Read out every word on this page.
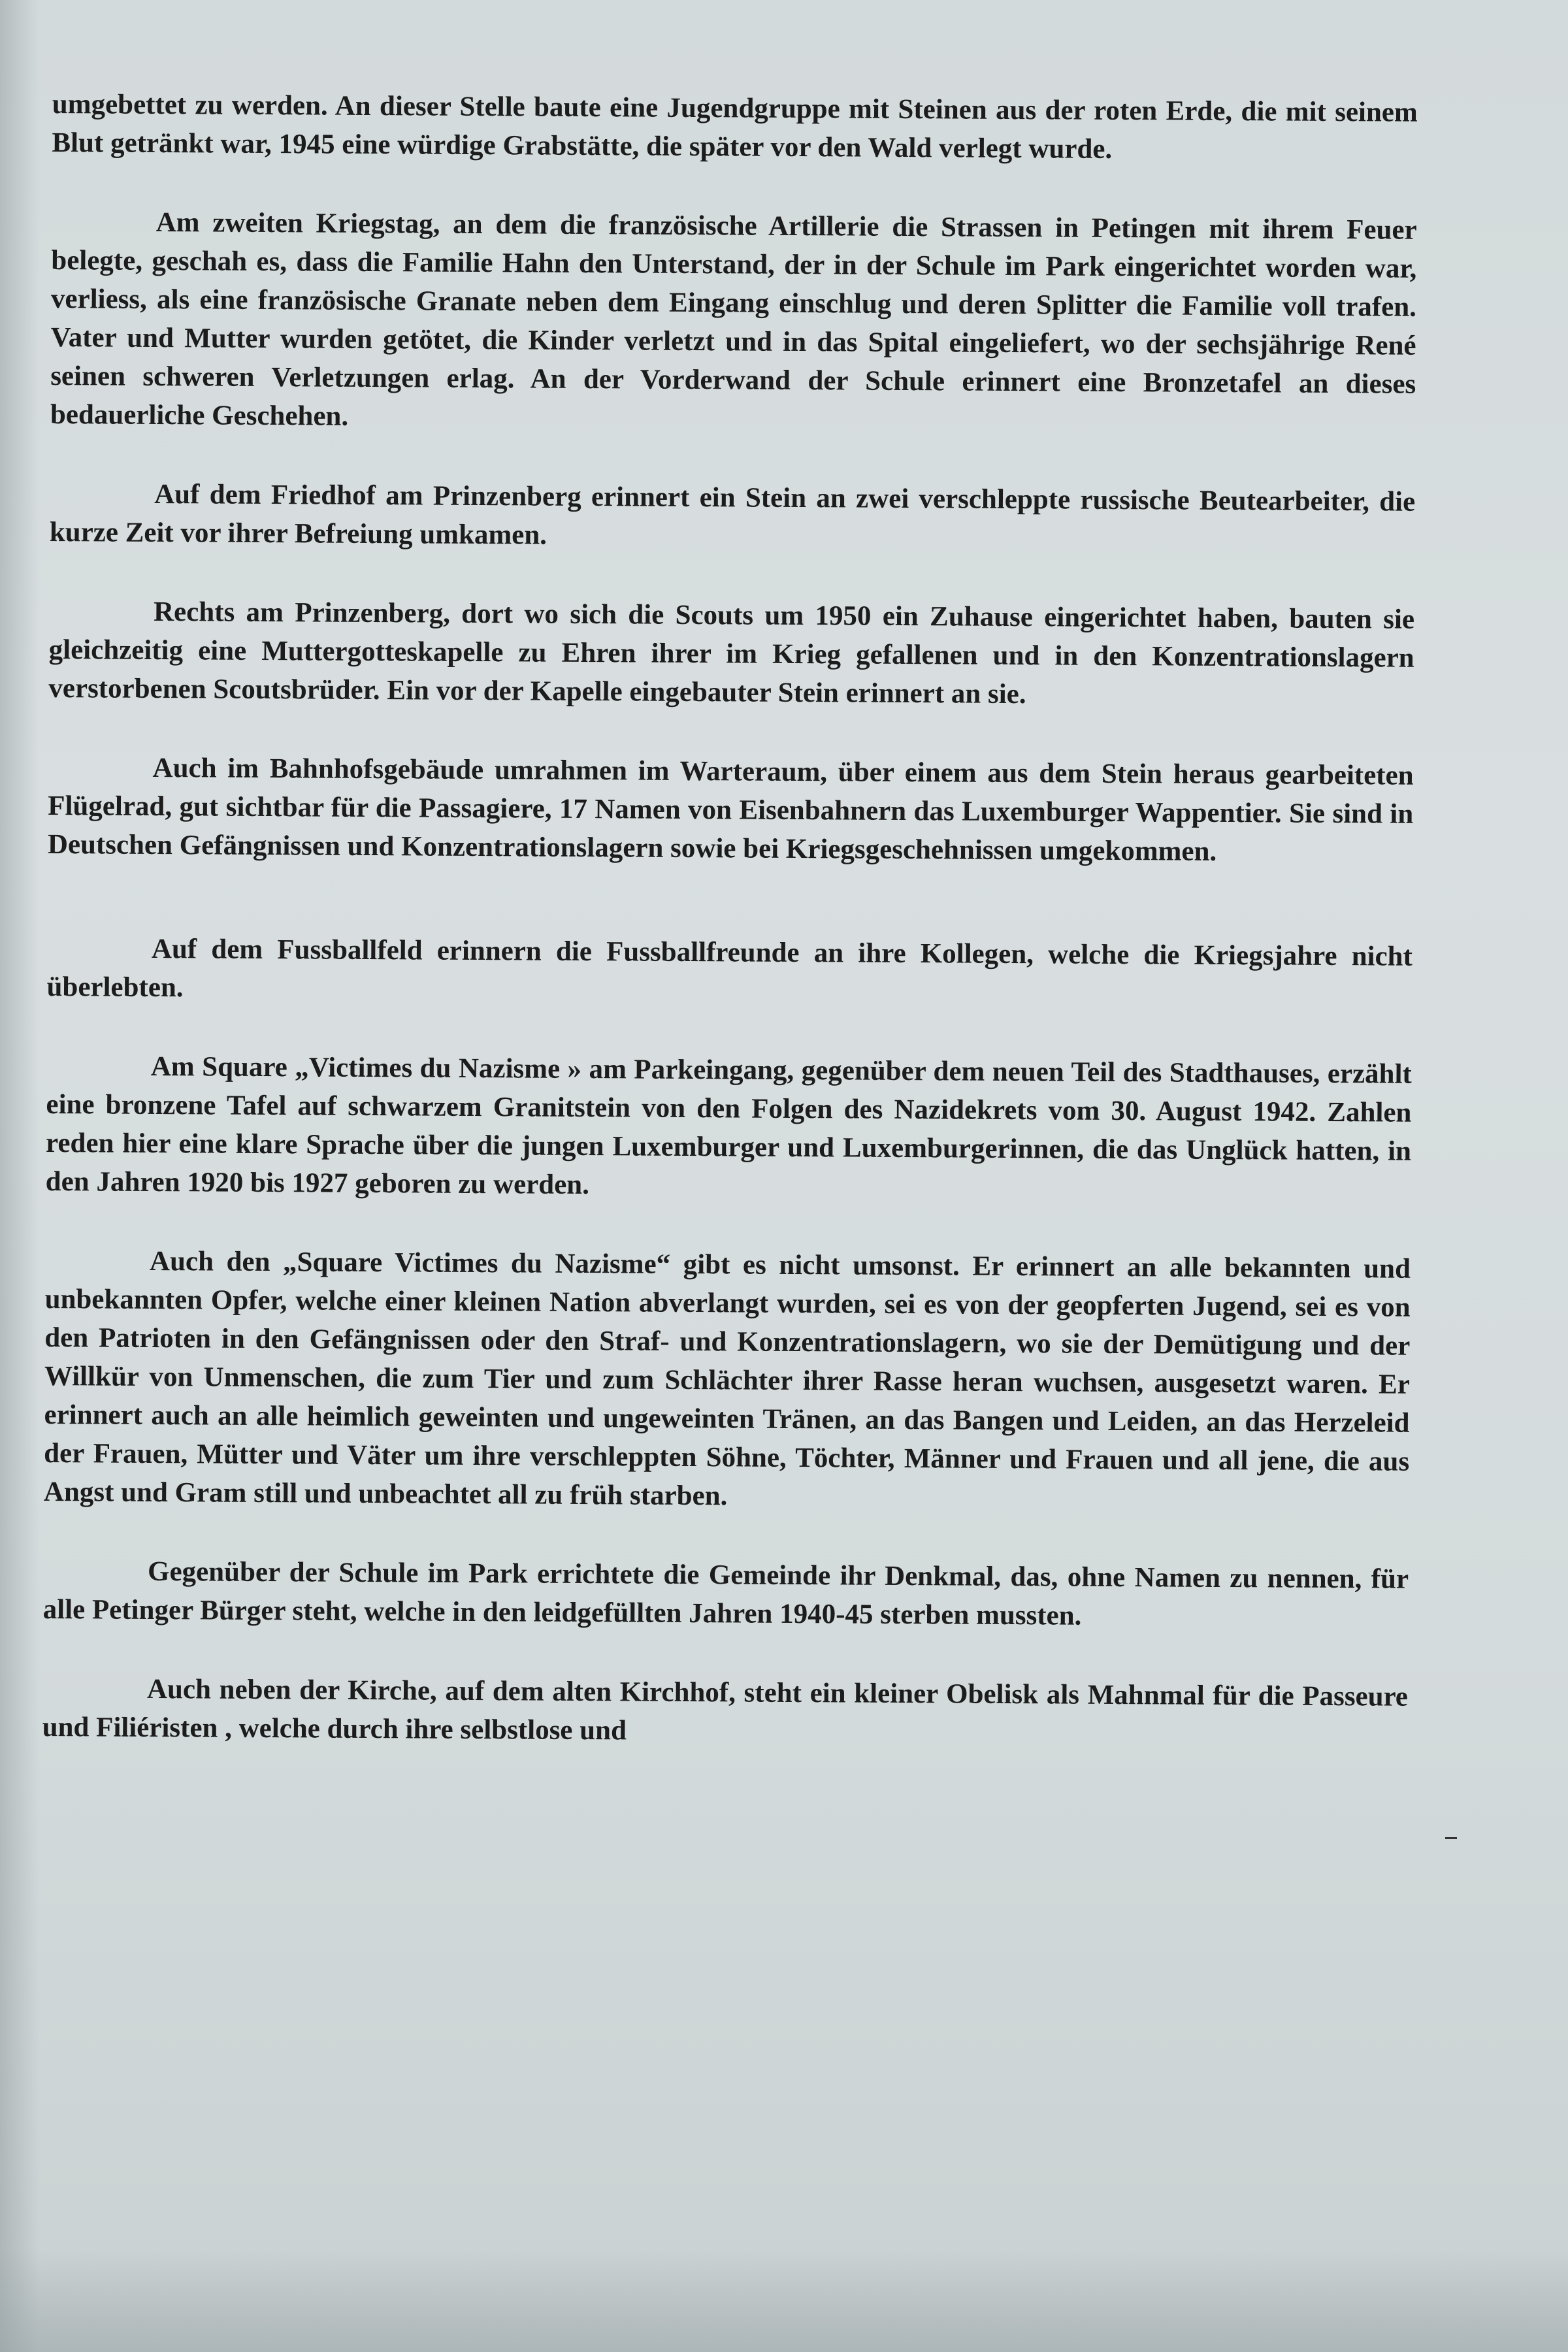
umgebettet zu werden. An dieser Stelle baute eine Jugendgruppe mit Steinen aus der roten Erde, die mit seinem Blut getränkt war, 1945 eine würdige Grabstätte, die später vor den Wald verlegt wurde.

Am zweiten Kriegstag, an dem die französische Artillerie die Strassen in Petingen mit ihrem Feuer belegte, geschah es, dass die Familie Hahn den Unterstand, der in der Schule im Park eingerichtet worden war, verliess, als eine französische Granate neben dem Eingang einschlug und deren Splitter die Familie voll trafen. Vater und Mutter wurden getötet, die Kinder verletzt und in das Spital eingeliefert, wo der sechsjährige René seinen schweren Verletzungen erlag. An der Vorderwand der Schule erinnert eine Bronzetafel an dieses bedauerliche Geschehen.

Auf dem Friedhof am Prinzenberg erinnert ein Stein an zwei verschleppte russische Beutearbeiter, die kurze Zeit vor ihrer Befreiung umkamen.

Rechts am Prinzenberg, dort wo sich die Scouts um 1950 ein Zuhause eingerichtet haben, bauten sie gleichzeitig eine Muttergotteskapelle zu Ehren ihrer im Krieg gefallenen und in den Konzentrationslagern verstorbenen Scoutsbrüder. Ein vor der Kapelle eingebauter Stein erinnert an sie.

Auch im Bahnhofsgebäude umrahmen im Warteraum, über einem aus dem Stein heraus gearbeiteten Flügelrad, gut sichtbar für die Passagiere, 17 Namen von Eisenbahnern das Luxemburger Wappentier. Sie sind in Deutschen Gefängnissen und Konzentrationslagern sowie bei Kriegsgeschehnissen umgekommen.

Auf dem Fussballfeld erinnern die Fussballfreunde an ihre Kollegen, welche die Kriegsjahre nicht überlebten.

Am Square „Victimes du Nazisme » am Parkeingang, gegenüber dem neuen Teil des Stadthauses, erzählt eine bronzene Tafel auf schwarzem Granitstein von den Folgen des Nazidekrets vom 30. August 1942. Zahlen reden hier eine klare Sprache über die jungen Luxemburger und Luxemburgerinnen, die das Unglück hatten, in den Jahren 1920 bis 1927 geboren zu werden.

Auch den „Square Victimes du Nazisme“ gibt es nicht umsonst. Er erinnert an alle bekannten und unbekannten Opfer, welche einer kleinen Nation abverlangt wurden, sei es von der geopferten Jugend, sei es von den Patrioten in den Gefängnissen oder den Straf- und Konzentrationslagern, wo sie der Demütigung und der Willkür von Unmenschen, die zum Tier und zum Schlächter ihrer Rasse heran wuchsen, ausgesetzt waren. Er erinnert auch an alle heimlich geweinten und ungeweinten Tränen, an das Bangen und Leiden, an das Herzeleid der Frauen, Mütter und Väter um ihre verschleppten Söhne, Töchter, Männer und Frauen und all jene, die aus Angst und Gram still und unbeachtet all zu früh starben.

Gegenüber der Schule im Park errichtete die Gemeinde ihr Denkmal, das, ohne Namen zu nennen, für alle Petinger Bürger steht, welche in den leidgefüllten Jahren 1940-45 sterben mussten.

Auch neben der Kirche, auf dem alten Kirchhof, steht ein kleiner Obelisk als Mahnmal für die Passeure und Filiéristen , welche durch ihre selbstlose und
